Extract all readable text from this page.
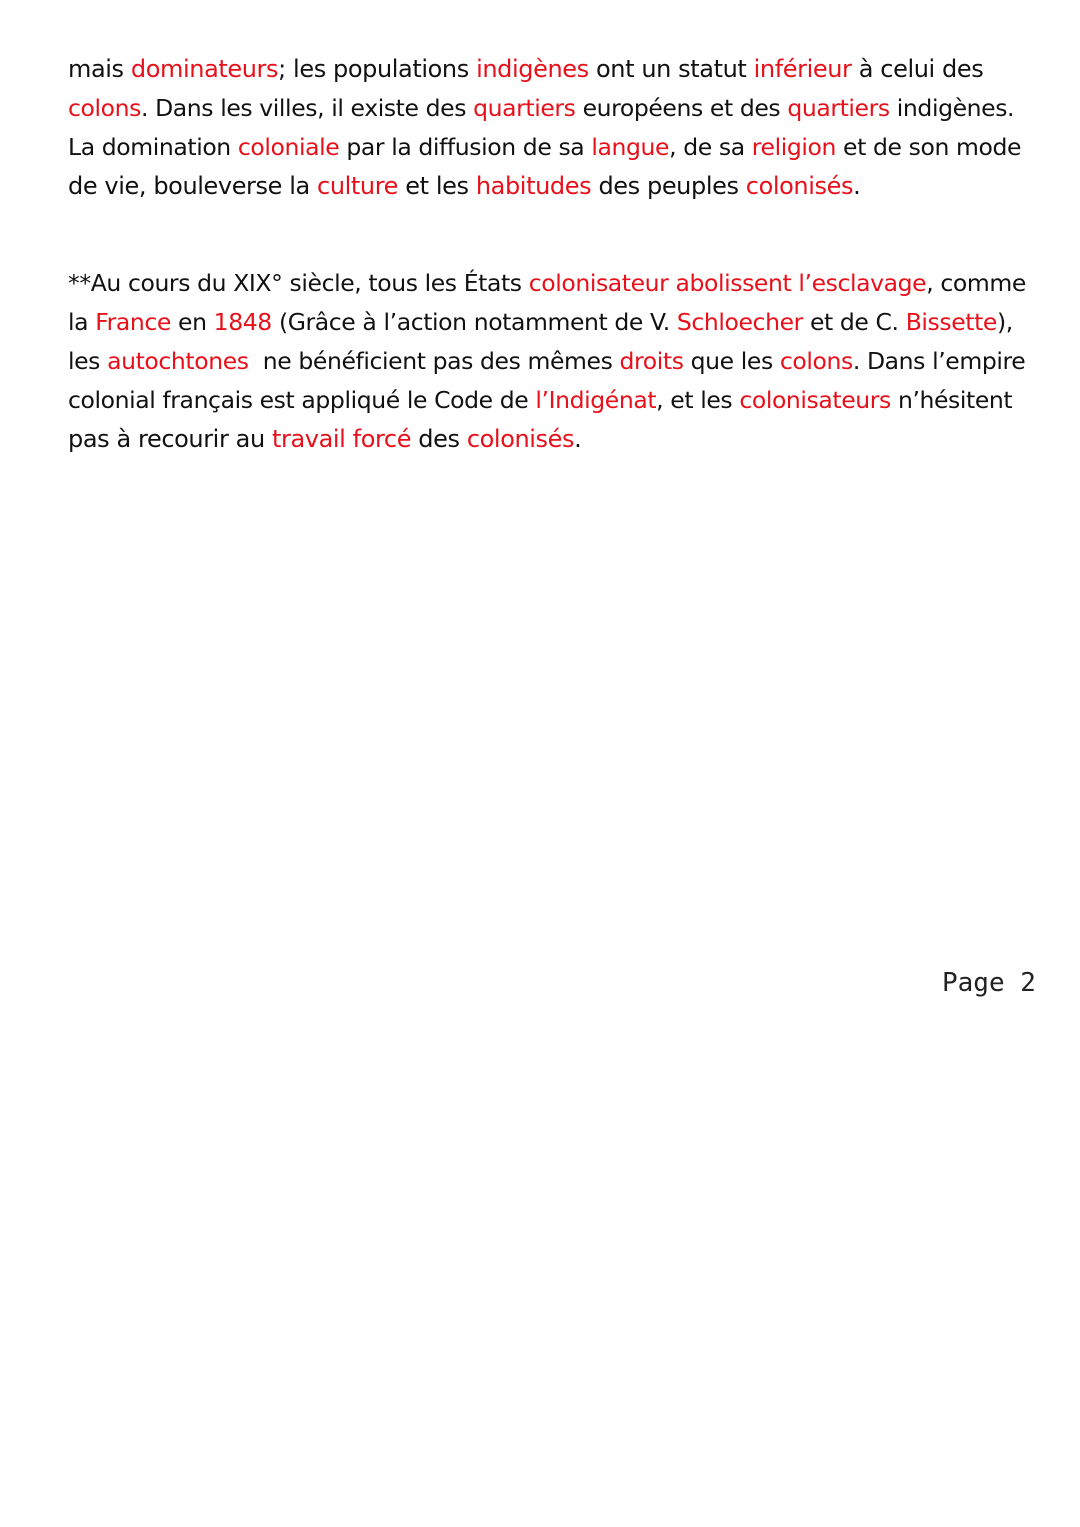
mais dominateurs; les populations indigènes ont un statut inférieur à celui des
colons. Dans les villes, il existe des quartiers européens et des quartiers indigènes.
La domination coloniale par la diffusion de sa langue, de sa religion et de son mode
de vie, bouleverse la culture et les habitudes des peuples colonisés.
**Au cours du XIX° siècle, tous les États colonisateur abolissent l’esclavage, comme
la France en 1848 (Grâce à l’action notamment de V. Schloecher et de C. Bissette),
les autochtones  ne bénéficient pas des mêmes droits que les colons. Dans l’empire
colonial français est appliqué le Code de l’Indigénat, et les colonisateurs n’hésitent
pas à recourir au travail forcé des colonisés.
Page 2
